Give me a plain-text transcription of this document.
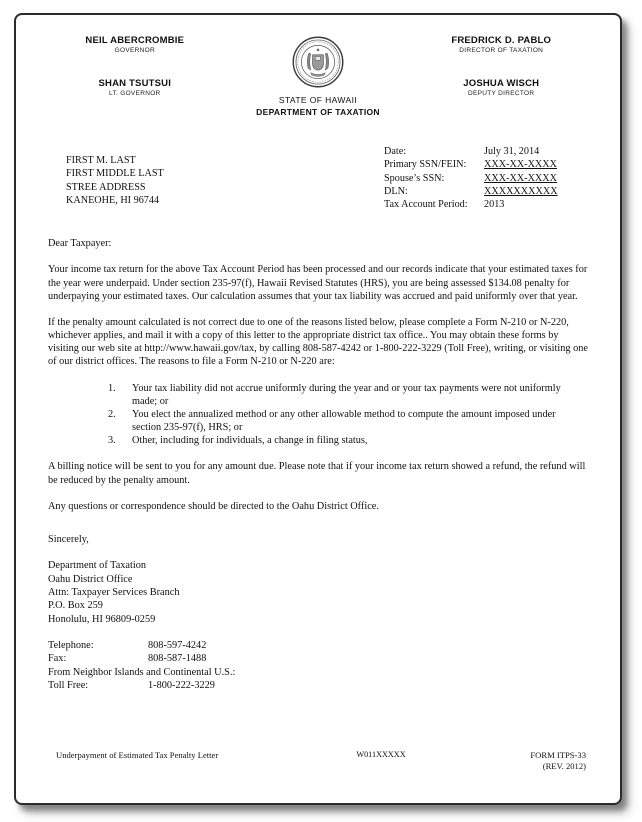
NEIL ABERCROMBIE
GOVERNOR
SHAN TSUTSUI
LT. GOVERNOR
STATE OF HAWAII
DEPARTMENT OF TAXATION
FREDRICK D. PABLO
DIRECTOR OF TAXATION
JOSHUA WISCH
DEPUTY DIRECTOR
FIRST M. LAST
FIRST MIDDLE LAST
STREE ADDRESS
KANEOHE, HI 96744
Date:	July 31, 2014
Primary SSN/FEIN:	XXX-XX-XXXX
Spouse’s SSN:	XXX-XX-XXXX
DLN:	XXXXXXXXXX
Tax Account Period:	2013
Dear Taxpayer:
Your income tax return for the above Tax Account Period has been processed and our records indicate that your estimated taxes for the year were underpaid. Under section 235-97(f), Hawaii Revised Statutes (HRS), you are being assessed $134.08 penalty for underpaying your estimated taxes. Our calculation assumes that your tax liability was accrued and paid uniformly over that year.
If the penalty amount calculated is not correct due to one of the reasons listed below, please complete a Form N-210 or N-220, whichever applies, and mail it with a copy of this letter to the appropriate district tax office.. You may obtain these forms by visiting our web site at http://www.hawaii.gov/tax, by calling 808-587-4242 or 1-800-222-3229 (Toll Free), writing, or visiting one of our district offices. The reasons to file a Form N-210 or N-220 are:
1.	Your tax liability did not accrue uniformly during the year and or your tax payments were not uniformly made; or
2.	You elect the annualized method or any other allowable method to compute the amount imposed under section 235-97(f), HRS; or
3.	Other, including for individuals, a change in filing status,
A billing notice will be sent to you for any amount due. Please note that if your income tax return showed a refund, the refund will be reduced by the penalty amount.
Any questions or correspondence should be directed to the Oahu District Office.
Sincerely,
Department of Taxation
Oahu District Office
Attn: Taxpayer Services Branch
P.O. Box 259
Honolulu, HI 96809-0259
Telephone:	808-597-4242
Fax:	808-587-1488
From Neighbor Islands and Continental U.S.:
Toll Free:	1-800-222-3229
Underpayment of Estimated Tax Penalty Letter	W011XXXXX	FORM ITPS-33
(REV. 2012)
